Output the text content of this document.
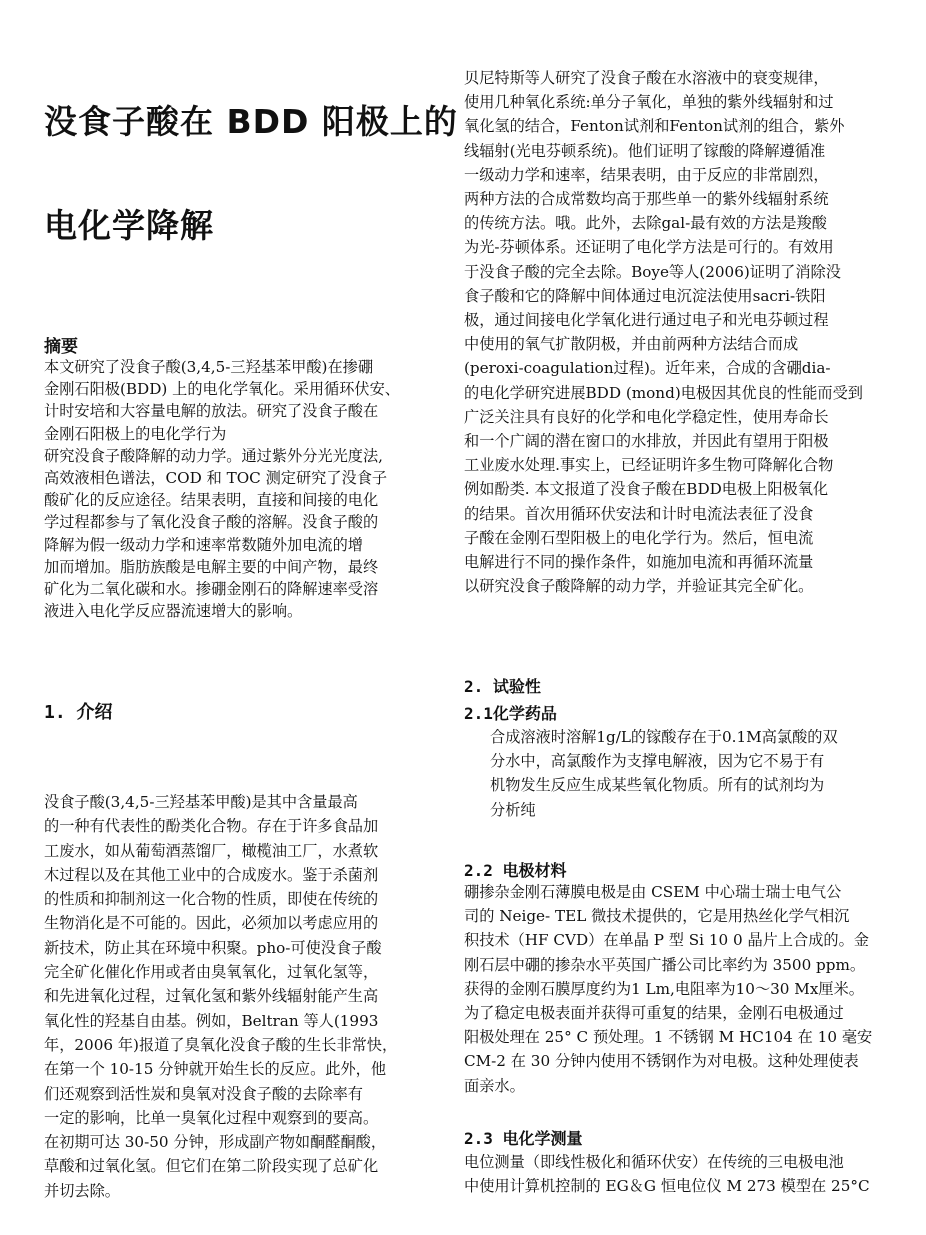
没食子酸在 BDD 阳极上的
电化学降解
摘要
本文研究了没食子酸(3,4,5-三羟基苯甲酸)在掺硼
金刚石阳极(BDD) 上的电化学氧化。采用循环伏安、
计时安培和大容量电解的放法。研究了没食子酸在
金刚石阳极上的电化学行为
研究没食子酸降解的动力学。通过紫外分光光度法,
高效液相色谱法，COD 和 TOC 测定研究了没食子
酸矿化的反应途径。结果表明，直接和间接的电化
学过程都参与了氧化没食子酸的溶解。没食子酸的
降解为假一级动力学和速率常数随外加电流的增
加而增加。脂肪族酸是电解主要的中间产物，最终
矿化为二氧化碳和水。掺硼金刚石的降解速率受溶
液进入电化学反应器流速增大的影响。
1. 介绍
没食子酸(3,4,5-三羟基苯甲酸)是其中含量最高
的一种有代表性的酚类化合物。存在于许多食品加
工废水，如从葡萄酒蒸馏厂，橄榄油工厂，水煮软
木过程以及在其他工业中的合成废水。鉴于杀菌剂
的性质和抑制剂这一化合物的性质，即使在传统的
生物消化是不可能的。因此，必须加以考虑应用的
新技术，防止其在环境中积聚。pho-可使没食子酸
完全矿化催化作用或者由臭氧氧化，过氧化氢等，
和先进氧化过程，过氧化氢和紫外线辐射能产生高
氧化性的羟基自由基。例如，Beltran 等人(1993
年，2006 年)报道了臭氧化没食子酸的生长非常快，
在第一个 10-15 分钟就开始生长的反应。此外，他
们还观察到活性炭和臭氧对没食子酸的去除率有
一定的影响，比单一臭氧化过程中观察到的要高。
在初期可达 30-50 分钟，形成副产物如酮醛酮酸，
草酸和过氧化氢。但它们在第二阶段实现了总矿化
并切去除。
贝尼特斯等人研究了没食子酸在水溶液中的衰变规律，
使用几种氧化系统:单分子氧化，单独的紫外线辐射和过
氧化氢的结合，Fenton试剂和Fenton试剂的组合，紫外
线辐射(光电芬顿系统)。他们证明了镓酸的降解遵循准
一级动力学和速率，结果表明，由于反应的非常剧烈，
两种方法的合成常数均高于那些单一的紫外线辐射系统
的传统方法。哦。此外，去除gal-最有效的方法是羧酸
为光-芬顿体系。还证明了电化学方法是可行的。有效用
于没食子酸的完全去除。Boye等人(2006)证明了消除没
食子酸和它的降解中间体通过电沉淀法使用sacri-铁阳
极，通过间接电化学氧化进行通过电子和光电芬顿过程
中使用的氧气扩散阴极，并由前两种方法结合而成
(peroxi-coagulation过程)。近年来，合成的含硼dia-
的电化学研究进展BDD (mond)电极因其优良的性能而受到
广泛关注具有良好的化学和电化学稳定性，使用寿命长
和一个广阔的潜在窗口的水排放，并因此有望用于阳极
工业废水处理.事实上，已经证明许多生物可降解化合物
例如酚类. 本文报道了没食子酸在BDD电极上阳极氧化
的结果。首次用循环伏安法和计时电流法表征了没食
子酸在金刚石型阳极上的电化学行为。然后，恒电流
电解进行不同的操作条件，如施加电流和再循环流量
以研究没食子酸降解的动力学，并验证其完全矿化。
2. 试验性
2.1化学药品
合成溶液时溶解1g/L的镓酸存在于0.1M高氯酸的双
分水中，高氯酸作为支撑电解液，因为它不易于有
机物发生反应生成某些氧化物质。所有的试剂均为
分析纯
2.2 电极材料
硼掺杂金刚石薄膜电极是由 CSEM 中心瑞士瑞士电气公
司的 Neige- TEL 微技术提供的，它是用热丝化学气相沉
积技术（HF CVD）在单晶 P 型 Si 10 0 晶片上合成的。金
刚石层中硼的掺杂水平英国广播公司比率约为 3500 ppm。
获得的金刚石膜厚度约为1 Lm,电阻率为10～30 Mx厘米。
为了稳定电极表面并获得可重复的结果，金刚石电极通过
阳极处理在 25° C 预处理。1 不锈钢 M HC104 在 10 毫安
CM-2 在 30 分钟内使用不锈钢作为对电极。这种处理使表
面亲水。
2.3 电化学测量
电位测量（即线性极化和循环伏安）在传统的三电极电池
中使用计算机控制的 EG＆G 恒电位仪 M 273 模型在 25°C
